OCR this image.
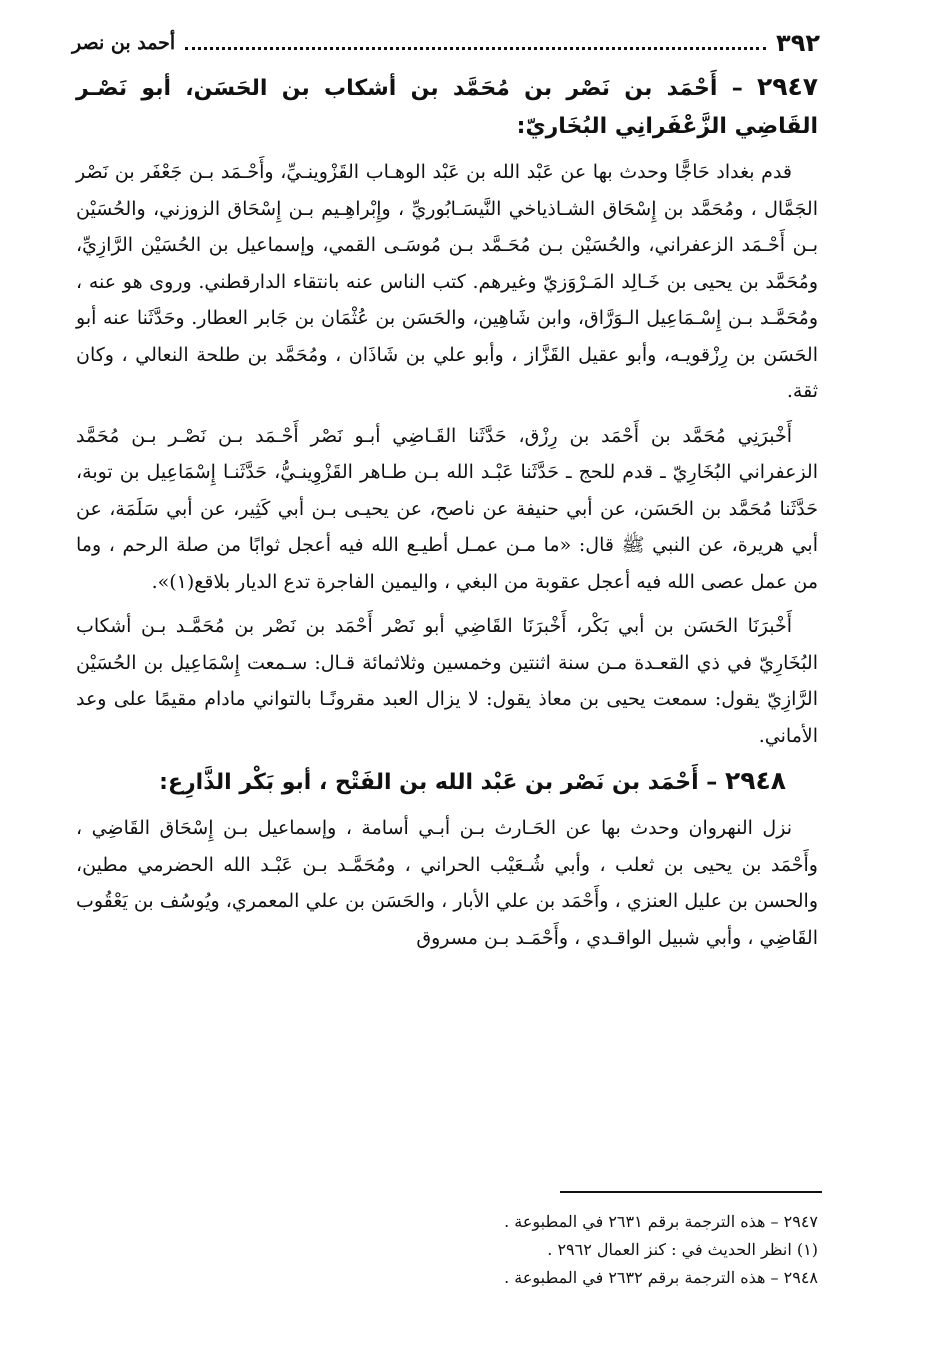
٣٩٢
أحمد بن نصر

٢٩٤٧ – أَحْمَد بن نَصْر بن مُحَمَّد بن أشكاب بن الحَسَن، أبو نَصْـر القَاضِي الزَّعْفَرانِي البُخَاريّ:

قدم بغداد حَاجًّا وحدث بها عن عَبْد الله بن عَبْد الوهـاب القَزْوينـيِّ، وأَحْـمَد بـن جَعْفَر بن نَصْر الجَمَّال ، ومُحَمَّد بن إِسْحَاق الشـاذياخي النَّيسَـابُوريِّ ، وإِبْراهِـيم بـن إِسْحَاق الزوزني، والحُسَيْن بـن أَحْـمَد الزعفراني، والحُسَيْن بـن مُحَـمَّد بـن مُوسَـى القمي، وإسماعيل بن الحُسَيْن الرَّازِيِّ، ومُحَمَّد بن يحيى بن خَـالِد المَـرْوَزيّ وغيرهم. كتب الناس عنه بانتقاء الدارقطني. وروى هو عنه ، ومُحَمَّـد بـن إِسْـمَاعِيل الـوَرَّاق، وابن شَاهِين، والحَسَن بن عُثْمَان بن جَابر العطار. وحَدَّثَنا عنه أبو الحَسَن بن رِزْقويـه، وأبو عقيل القَزَّاز ، وأبو علي بن شَاذَان ، ومُحَمَّد بن طلحة النعالي ، وكان ثقة.

أَخْبرَنِي مُحَمَّد بن أَحْمَد بن رِزْق، حَدَّثَنا القَـاضِي أبـو نَصْر أَحْـمَد بـن نَصْـر بـن مُحَمَّد الزعفراني البُخَارِيّ ـ قدم للحج ـ حَدَّثَنا عَبْـد الله بـن طـاهر القَزْوِينـيُّ، حَدَّثَنـا إِسْمَاعِيل بن توبة، حَدَّثَنا مُحَمَّد بن الحَسَن، عن أبي حنيفة عن ناصح، عن يحيـى بـن أبي كَثِير، عن أبي سَلَمَة، عن أبي هريرة، عن النبي ﷺ قال: «ما مـن عمـل أطيـع الله فيه أعجل ثوابًا من صلة الرحم ، وما من عمل عصى الله فيه أعجل عقوبة من البغي ، واليمين الفاجرة تدع الديار بلاقع(١)».

أَخْبرَنَا الحَسَن بن أبي بَكْر، أَخْبرَنَا القَاضِي أبو نَصْر أَحْمَد بن نَصْر بن مُحَمَّـد بـن أشكاب البُخَارِيّ في ذي القعـدة مـن سنة اثنتين وخمسين وثلاثمائة قـال: سـمعت إِسْمَاعِيل بن الحُسَيْن الرَّازِيّ يقول: سمعت يحيى بن معاذ يقول: لا يزال العبد مقرونًـا بالتواني مادام مقيمًا على وعد الأماني.

٢٩٤٨ – أَحْمَد بن نَصْر بن عَبْد الله بن الفَتْح ، أبو بَكْر الذَّارِع:

نزل النهروان وحدث بها عن الحَـارث بـن أبـي أسامة ، وإسماعيل بـن إِسْحَاق القَاضِي ، وأَحْمَد بن يحيى بن ثعلب ، وأبي شُـعَيْب الحراني ، ومُحَمَّـد بـن عَبْـد الله الحضرمي مطين، والحسن بن عليل العنزي ، وأَحْمَد بن علي الأبار ، والحَسَن بن علي المعمري، ويُوسُف بن يَعْقُوب القَاضِي ، وأبي شبيل الواقـدي ، وأَحْمَـد بـن مسروق

٢٩٤٧ – هذه الترجمة برقم ٢٦٣١ في المطبوعة .

(١) انظر الحديث في : كنز العمال ٢٩٦٢ .

٢٩٤٨ – هذه الترجمة برقم ٢٦٣٢ في المطبوعة .
